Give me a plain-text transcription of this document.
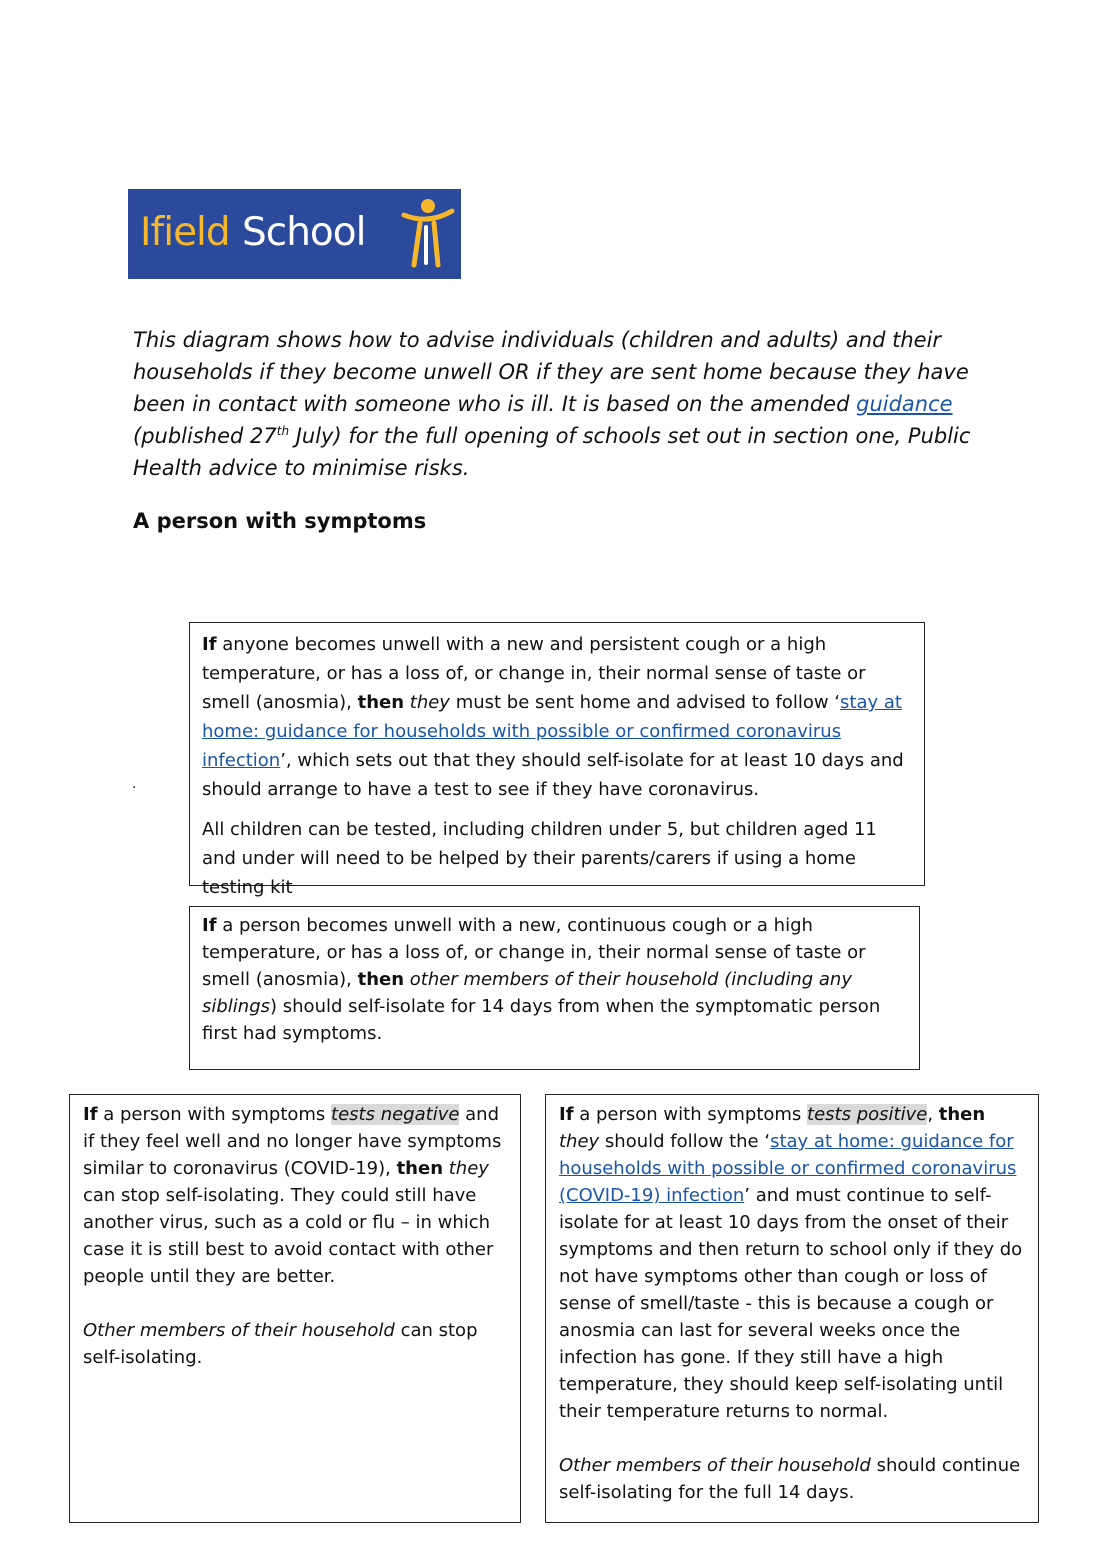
Ifield School

This diagram shows how to advise individuals (children and adults) and their households if they become unwell OR if they are sent home because they have been in contact with someone who is ill. It is based on the amended guidance (published 27th July) for the full opening of schools set out in section one, Public Health advice to minimise risks.

A person with symptoms
.

If anyone becomes unwell with a new and persistent cough or a high temperature, or has a loss of, or change in, their normal sense of taste or smell (anosmia), then they must be sent home and advised to follow ‘stay at home: guidance for households with possible or confirmed coronavirus infection’, which sets out that they should self-isolate for at least 10 days and should arrange to have a test to see if they have coronavirus.

All children can be tested, including children under 5, but children aged 11 and under will need to be helped by their parents/carers if using a home testing kit

If a person becomes unwell with a new, continuous cough or a high temperature, or has a loss of, or change in, their normal sense of taste or smell (anosmia), then other members of their household (including any siblings) should self-isolate for 14 days from when the symptomatic person first had symptoms.

If a person with symptoms tests negative and if they feel well and no longer have symptoms similar to coronavirus (COVID-19), then they can stop self-isolating. They could still have another virus, such as a cold or flu – in which case it is still best to avoid contact with other people until they are better.

Other members of their household can stop self-isolating.

If a person with symptoms tests positive, then they should follow the ‘stay at home: guidance for households with possible or confirmed coronavirus (COVID-19) infection’ and must continue to self-isolate for at least 10 days from the onset of their symptoms and then return to school only if they do not have symptoms other than cough or loss of sense of smell/taste - this is because a cough or anosmia can last for several weeks once the infection has gone. If they still have a high temperature, they should keep self-isolating until their temperature returns to normal.

Other members of their household should continue self-isolating for the full 14 days.
